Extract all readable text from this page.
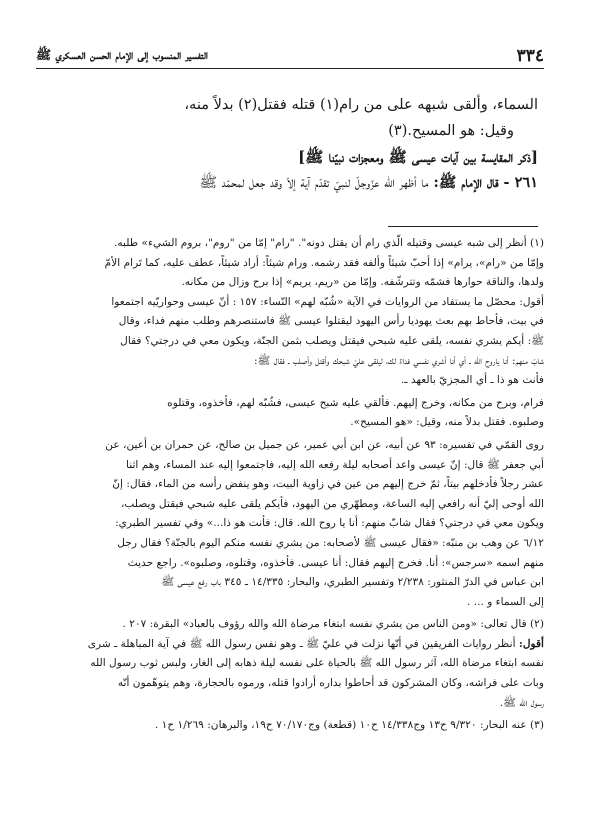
٣٣٤
التفسير المنسوب إلى الإمام الحسن العسكري ﷺ

السماء، وألقى شبهه على من رام(١) قتله فقتل(٢) بدلاً منه،

وقيل: هو المسيح.(٣)

[ذكر المقايسة بين آيات عيسى ﷺ ومعجزات نبيّنا ﷺ]

٢٦١ - قال الإمام ﷺ: ما أظهر الله عزّوجلّ لنبيّ تقدّم آية إلاّ وقد جعل لمحمّد ﷺ

(١) أنظر إلى شبه عيسى وقتيله الّذي رام أن يقتل دونه". "رام" إمّا من "روم"، بروم الشيء» طلبه.

وإمّا من «رام»، يرام» إذا أحبّ شيئاً وألفه فقد رشمه. ورام شيئاً: أراد شيئاً، عطف عليه، كما تَرام الأمّ

ولدها، والناقة حوارها فشمّه وتترشّفه. وإمّا من «ريم، يريم» إذا برح وزال من مكانه.

أقول: محصّل ما يستفاد من الروايات في الآية «شُبّه لهم» النّساء: ١٥٧ : أنّ عيسى وحواريّيه اجتمعوا

في بيت، فأحاط بهم بعث يهوديا رأس اليهود ليقتلوا عيسى ﷺ فاستنصرهم وطلب منهم فداء، وقال

ﷺ: أيكم يشري نفسه، يلقى عليه شبحي فيقتل ويصلب بثمن الجنّة، ويكون معي في درجتي؟ فقال

شابّ منهم: أنا ياروح الله ـ أي أنا أشري نفسي فداءً لك، ليلقى عليّ شبحك وأقتل وأصلب ـ فقال ﷺ:

فأنت هو ذا ـ أي المجزيّ بالعهد ـ.

فرام، وبرح من مكانه، وخرج إليهم. فألقي عليه شبح عيسى، فشُبّه لهم، فأخذوه، وقتلوه

وصلبوه. فقتل بدلاً منه، وقيل: «هو المسيح».

روى القمّي في تفسيره: ٩٣ عن أبيه، عن ابن أبي عمير، عن جميل بن صالح، عن حمران بن أعين، عن

أبي جعفر ﷺ قال: إنّ عيسى واعد أصحابه ليلة رفعه الله إليه، فاجتمعوا إليه عند المساء، وهم اثنا

عشر رجلاً فأدخلهم بيتاً، ثمّ خرج إليهم من عين في زاوية البيت، وهو ينفض رأسه من الماء، فقال: إنّ

الله أوحى إليّ أنه رافعي إليه الساعة، ومطهّري من اليهود، فأيكم يلقى عليه شبحي فيقتل ويصلب،

ويكون معي في درجتي؟ فقال شابّ منهم: أنا يا روح الله. قال: فأنت هو ذا...» وفي تفسير الطبري:

٦/١٢ عن وهب بن منبّه: «فقال عيسى ﷺ لأصحابه: من يشري نفسه منكم اليوم بالجنّة؟ فقال رجل

منهم اسمه «سرجس»: أنا. فخرج إليهم فقال: أنا عيسى. فأخذوه، وقتلوه، وصلبوه». راجع حديث

ابن عباس في الدرّ المنثور: ٢/٢٣٨ وتفسير الطبري، والبحار: ١٤/٣٣٥ ـ ٣٤٥ باب رفع عيسى ﷺ

إلى السماء و ... .

(٢) قال تعالى: «ومن الناس من يشري نفسه ابتغاء مرضاة الله والله رؤوف بالعباد» البقرة: ٢٠٧ .

أقول: أنظر روايات الفريقين في أنّها نزلت في عليّ ﷺ ـ وهو نفس رسول الله ﷺ في آية المباهلة ـ شرى

نفسه ابتغاء مرضاة الله، آثر رسول الله ﷺ بالحياة على نفسه ليلة ذهابه إلى الغار، ولبس ثوب رسول الله

وبات على فراشه، وكان المشركون قد أحاطوا بداره أرادوا قتله، ورموه بالحجارة، وهم يتوهّمون أنّه

رسول الله ﷺ.

(٣) عنه البحار: ٩/٣٢٠ ح١٣ وج١٤/٣٣٨ ح١٠ (قطعة) وج٧٠/١٧٠ ح١٩، والبرهان: ١/٢٦٩ ح١ .
